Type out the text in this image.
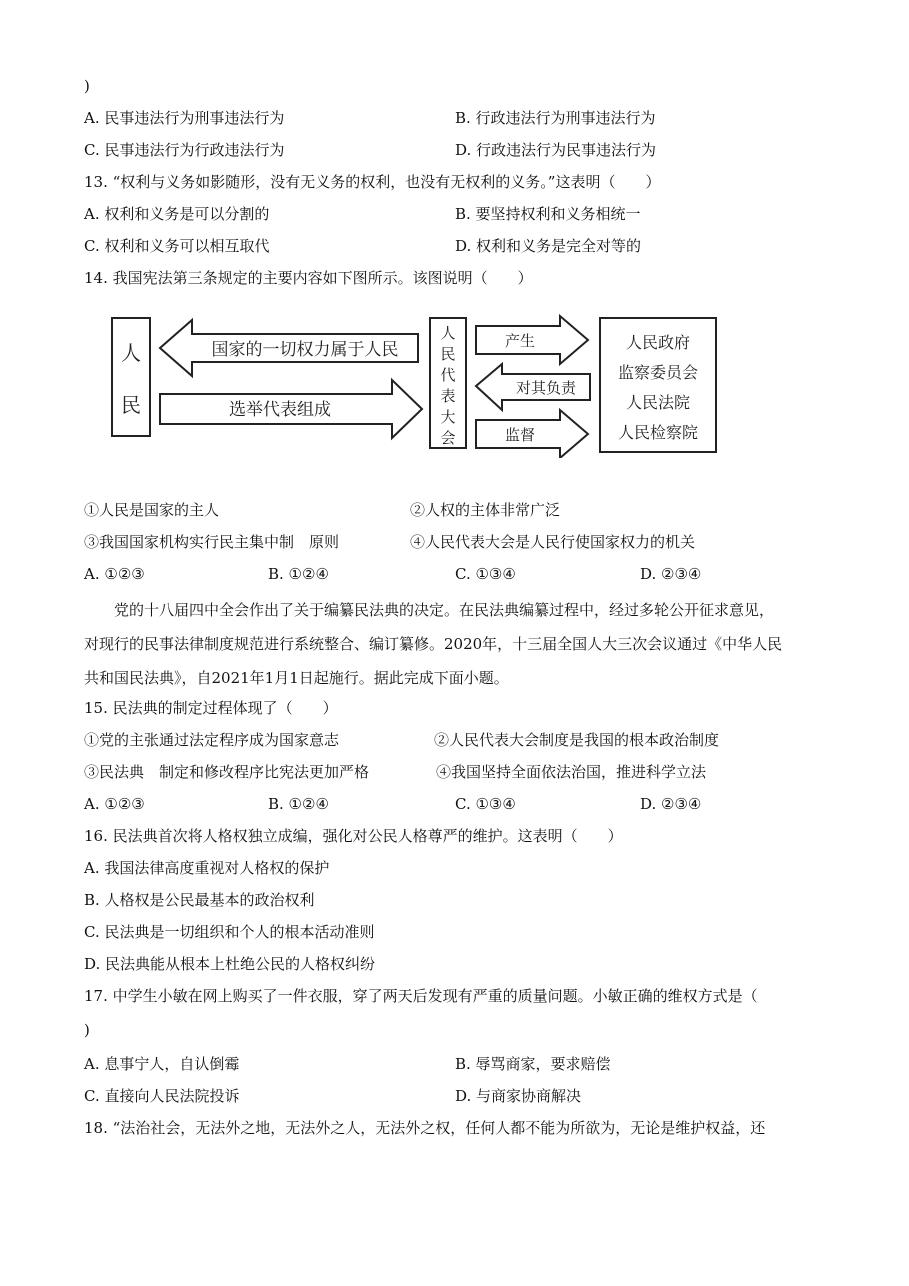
)
A. 民事违法行为刑事违法行为	B. 行政违法行为刑事违法行为
C. 民事违法行为行政违法行为	D. 行政违法行为民事违法行为
13. “权利与义务如影随形，没有无义务的权利，也没有无权利的义务。”这表明（　　）
A. 权利和义务是可以分割的	B. 要坚持权利和义务相统一
C. 权利和义务可以相互取代	D. 权利和义务是完全对等的
14. 我国宪法第三条规定的主要内容如下图所示。该图说明（　　）
人
民
国家的一切权力属于人民
选举代表组成
人
民
代
表
大
会
产生
对其负责
监督
人民政府
监察委员会
人民法院
人民检察院
①人民是国家的主人	②人权的主体非常广泛
③我国国家机构实行民主集中制　原则	④人民代表大会是人民行使国家权力的机关
A. ①②③	B. ①②④	C. ①③④	D. ②③④
党的十八届四中全会作出了关于编纂民法典的决定。在民法典编纂过程中，经过多轮公开征求意见，
对现行的民事法律制度规范进行系统整合、编订纂修。2020年，十三届全国人大三次会议通过《中华人民
共和国民法典》，自2021年1月1日起施行。据此完成下面小题。
15. 民法典的制定过程体现了（　　）
①党的主张通过法定程序成为国家意志	②人民代表大会制度是我国的根本政治制度
③民法典　制定和修改程序比宪法更加严格	④我国坚持全面依法治国，推进科学立法
A. ①②③	B. ①②④	C. ①③④	D. ②③④
16. 民法典首次将人格权独立成编，强化对公民人格尊严的维护。这表明（　　）
A. 我国法律高度重视对人格权的保护
B. 人格权是公民最基本的政治权利
C. 民法典是一切组织和个人的根本活动准则
D. 民法典能从根本上杜绝公民的人格权纠纷
17. 中学生小敏在网上购买了一件衣服，穿了两天后发现有严重的质量问题。小敏正确的维权方式是（
)
A. 息事宁人，自认倒霉	B. 辱骂商家，要求赔偿
C. 直接向人民法院投诉	D. 与商家协商解决
18. “法治社会，无法外之地，无法外之人，无法外之权，任何人都不能为所欲为，无论是维护权益，还
